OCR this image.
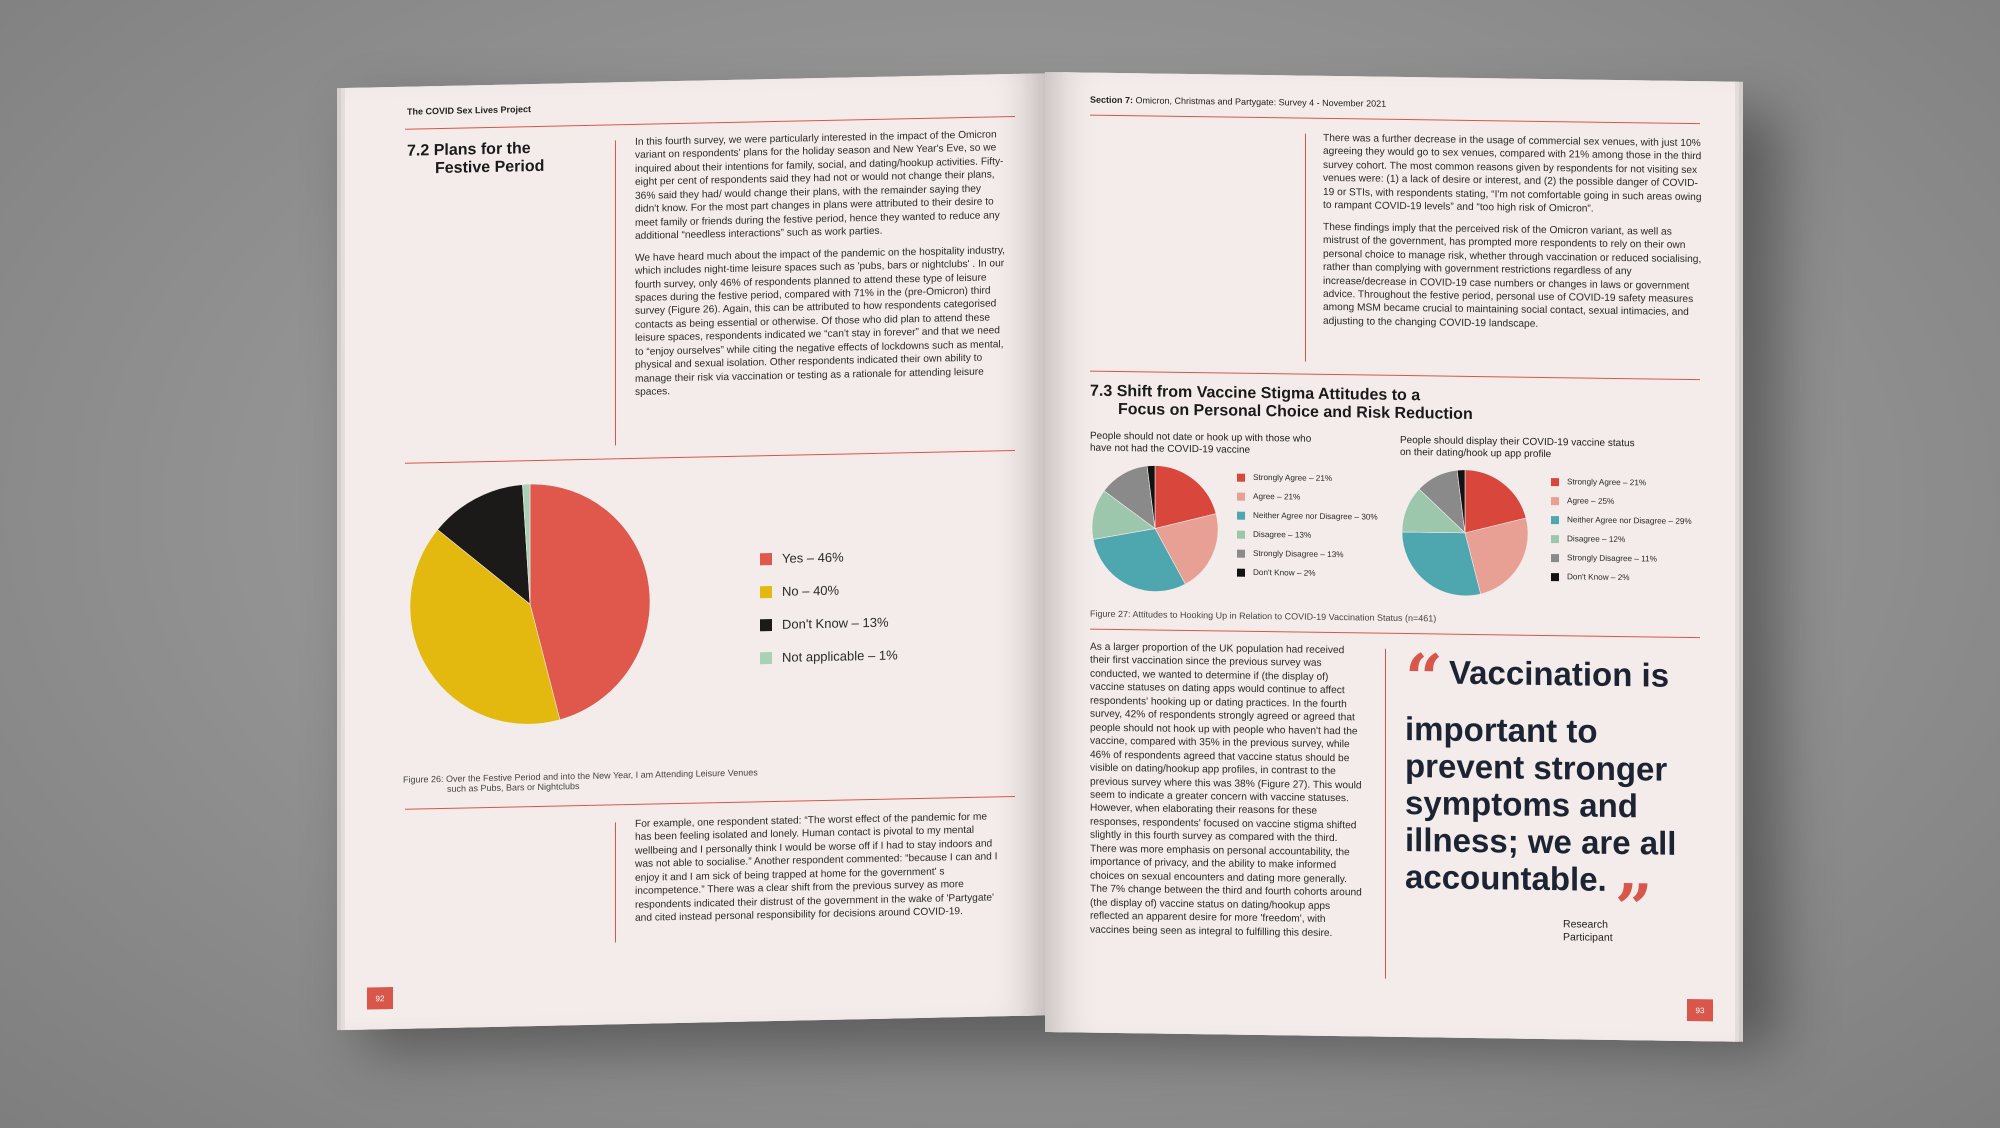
The COVID Sex Lives Project
7.2 Plans for the
Festive Period

In this fourth survey, we were particularly interested in the impact of the Omicron variant on respondents' plans for the holiday season and New Year's Eve, so we inquired about their intentions for family, social, and dating/hookup activities. Fifty-eight per cent of respondents said they had not or would not change their plans, 36% said they had/ would change their plans, with the remainder saying they didn't know. For the most part changes in plans were attributed to their desire to meet family or friends during the festive period, hence they wanted to reduce any additional “needless interactions” such as work parties.

We have heard much about the impact of the pandemic on the hospitality industry, which includes night-time leisure spaces such as 'pubs, bars or nightclubs' . In our fourth survey, only 46% of respondents planned to attend these type of leisure spaces during the festive period, compared with 71% in the (pre-Omicron) third survey (Figure 26). Again, this can be attributed to how respondents categorised contacts as being essential or otherwise. Of those who did plan to attend these leisure spaces, respondents indicated we “can't stay in forever” and that we need to “enjoy ourselves” while citing the negative effects of lockdowns such as mental, physical and sexual isolation. Other respondents indicated their own ability to manage their risk via vaccination or testing as a rationale for attending leisure spaces.

Yes – 46%
No – 40%
Don't Know – 13%
Not applicable – 1%
Figure 26: Over the Festive Period and into the New Year, I am Attending Leisure Venues
such as Pubs, Bars or Nightclubs

For example, one respondent stated: “The worst effect of the pandemic for me has been feeling isolated and lonely. Human contact is pivotal to my mental wellbeing and I personally think I would be worse off if I had to stay indoors and was not able to socialise.” Another respondent commented: “because I can and I enjoy it and I am sick of being trapped at home for the government' s incompetence.” There was a clear shift from the previous survey as more respondents indicated their distrust of the government in the wake of 'Partygate' and cited instead personal responsibility for decisions around COVID-19.

92
Section 7: Omicron, Christmas and Partygate: Survey 4 - November 2021

There was a further decrease in the usage of commercial sex venues, with just 10% agreeing they would go to sex venues, compared with 21% among those in the third survey cohort. The most common reasons given by respondents for not visiting sex venues were: (1) a lack of desire or interest, and (2) the possible danger of COVID-19 or STIs, with respondents stating, “I'm not comfortable going in such areas owing to rampant COVID-19 levels” and “too high risk of Omicron”.

These findings imply that the perceived risk of the Omicron variant, as well as mistrust of the government, has prompted more respondents to rely on their own personal choice to manage risk, whether through vaccination or reduced socialising, rather than complying with government restrictions regardless of any increase/decrease in COVID-19 case numbers or changes in laws or government advice. Throughout the festive period, personal use of COVID-19 safety measures among MSM became crucial to maintaining social contact, sexual intimacies, and adjusting to the changing COVID-19 landscape.

7.3 Shift from Vaccine Stigma Attitudes to a
Focus on Personal Choice and Risk Reduction
People should not date or hook up with those who have not had the COVID-19 vaccine
Strongly Agree – 21%
Agree – 21%
Neither Agree nor Disagree – 30%
Disagree – 13%
Strongly Disagree – 13%
Don't Know – 2%
People should display their COVID-19 vaccine status on their dating/hook up app profile
Strongly Agree – 21%
Agree – 25%
Neither Agree nor Disagree – 29%
Disagree – 12%
Strongly Disagree – 11%
Don't Know – 2%
Figure 27: Attitudes to Hooking Up in Relation to COVID-19 Vaccination Status (n=461)

As a larger proportion of the UK population had received their first vaccination since the previous survey was conducted, we wanted to determine if (the display of) vaccine statuses on dating apps would continue to affect respondents' hooking up or dating practices. In the fourth survey, 42% of respondents strongly agreed or agreed that people should not hook up with people who haven't had the vaccine, compared with 35% in the previous survey, while 46% of respondents agreed that vaccine status should be visible on dating/hookup app profiles, in contrast to the previous survey where this was 38% (Figure 27). This would seem to indicate a greater concern with vaccine statuses. However, when elaborating their reasons for these responses, respondents' focused on vaccine stigma shifted slightly in this fourth survey as compared with the third. There was more emphasis on personal accountability, the importance of privacy, and the ability to make informed choices on sexual encounters and dating more generally. The 7% change between the third and fourth cohorts around (the display of) vaccine status on dating/hookup apps reflected an apparent desire for more 'freedom', with vaccines being seen as integral to fulfilling this desire.

“ Vaccination is important to prevent stronger symptoms and illness; we are all accountable. ”
Research
Participant
93
